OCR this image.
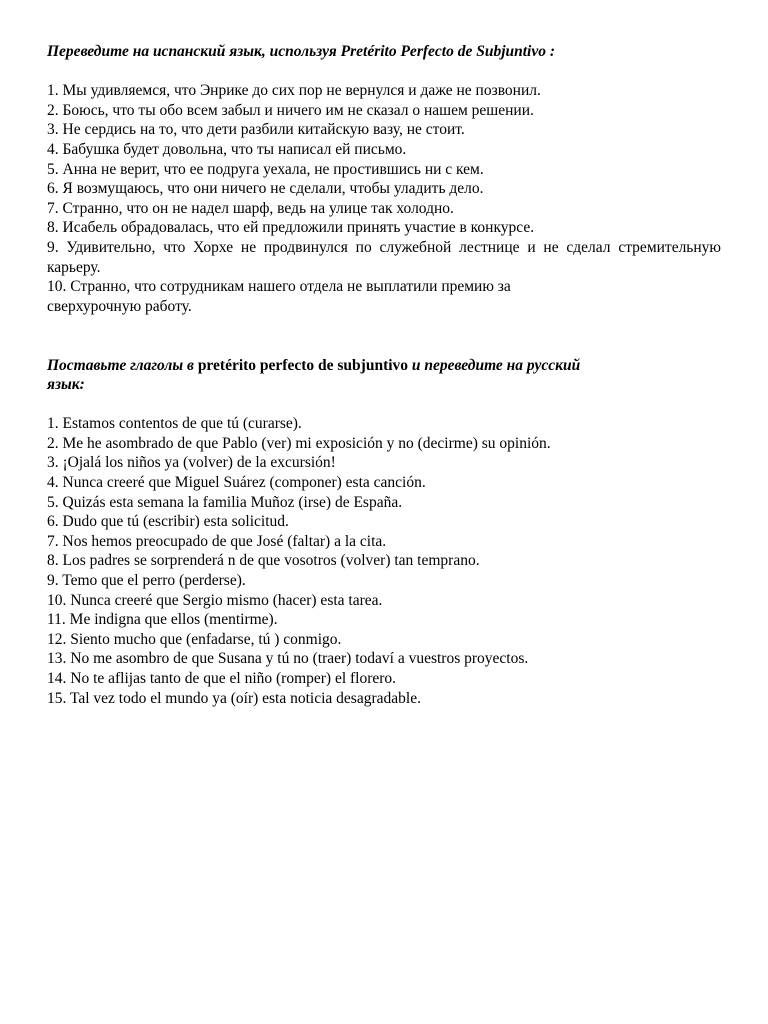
Переведите на испанский язык, используя Pretérito Perfecto de Subjuntivo :

1. Мы удивляемся, что Энрике до сих пор не вернулся и даже не позвонил.
2. Боюсь, что ты обо всем забыл и ничего им не сказал о нашем решении.
3. Не сердись на то, что дети разбили китайскую вазу, не стоит.
4. Бабушка будет довольна, что ты написал ей письмо.
5. Анна не верит, что ее подруга уехала, не простившись ни с кем.
6. Я возмущаюсь, что они ничего не сделали, чтобы уладить дело.
7. Странно, что он не надел шарф, ведь на улице так холодно.
8. Исабель обрадовалась, что ей предложили принять участие в конкурсе.
9. Удивительно, что Хорхе не продвинулся по служебной лестнице и не сделал стремительную карьеру.
10. Странно, что сотрудникам нашего отдела не выплатили премию за
сверхурочную работу.

Поставьте глаголы в pretérito perfecto de subjuntivo и переведите на русский
язык:

1. Estamos contentos de que tú (curarse).
2. Me he asombrado de que Pablo (ver) mi exposición y no (decirme) su opinión.
3. ¡Ojalá los niños ya (volver) de la excursión!
4. Nunca creeré que Miguel Suárez (componer) esta canción.
5. Quizás esta semana la familia Muñoz (irse) de España.
6. Dudo que tú (escribir) esta solicitud.
7. Nos hemos preocupado de que José (faltar) a la cita.
8. Los padres se sorprenderá n de que vosotros (volver) tan temprano.
9. Temo que el perro (perderse).
10. Nunca creeré que Sergio mismo (hacer) esta tarea.
11. Me indigna que ellos (mentirme).
12. Siento mucho que (enfadarse, tú ) conmigo.
13. No me asombro de que Susana y tú no (traer) todaví a vuestros proyectos.
14. No te aflijas tanto de que el niño (romper) el florero.
15. Tal vez todo el mundo ya (oír) esta noticia desagradable.
